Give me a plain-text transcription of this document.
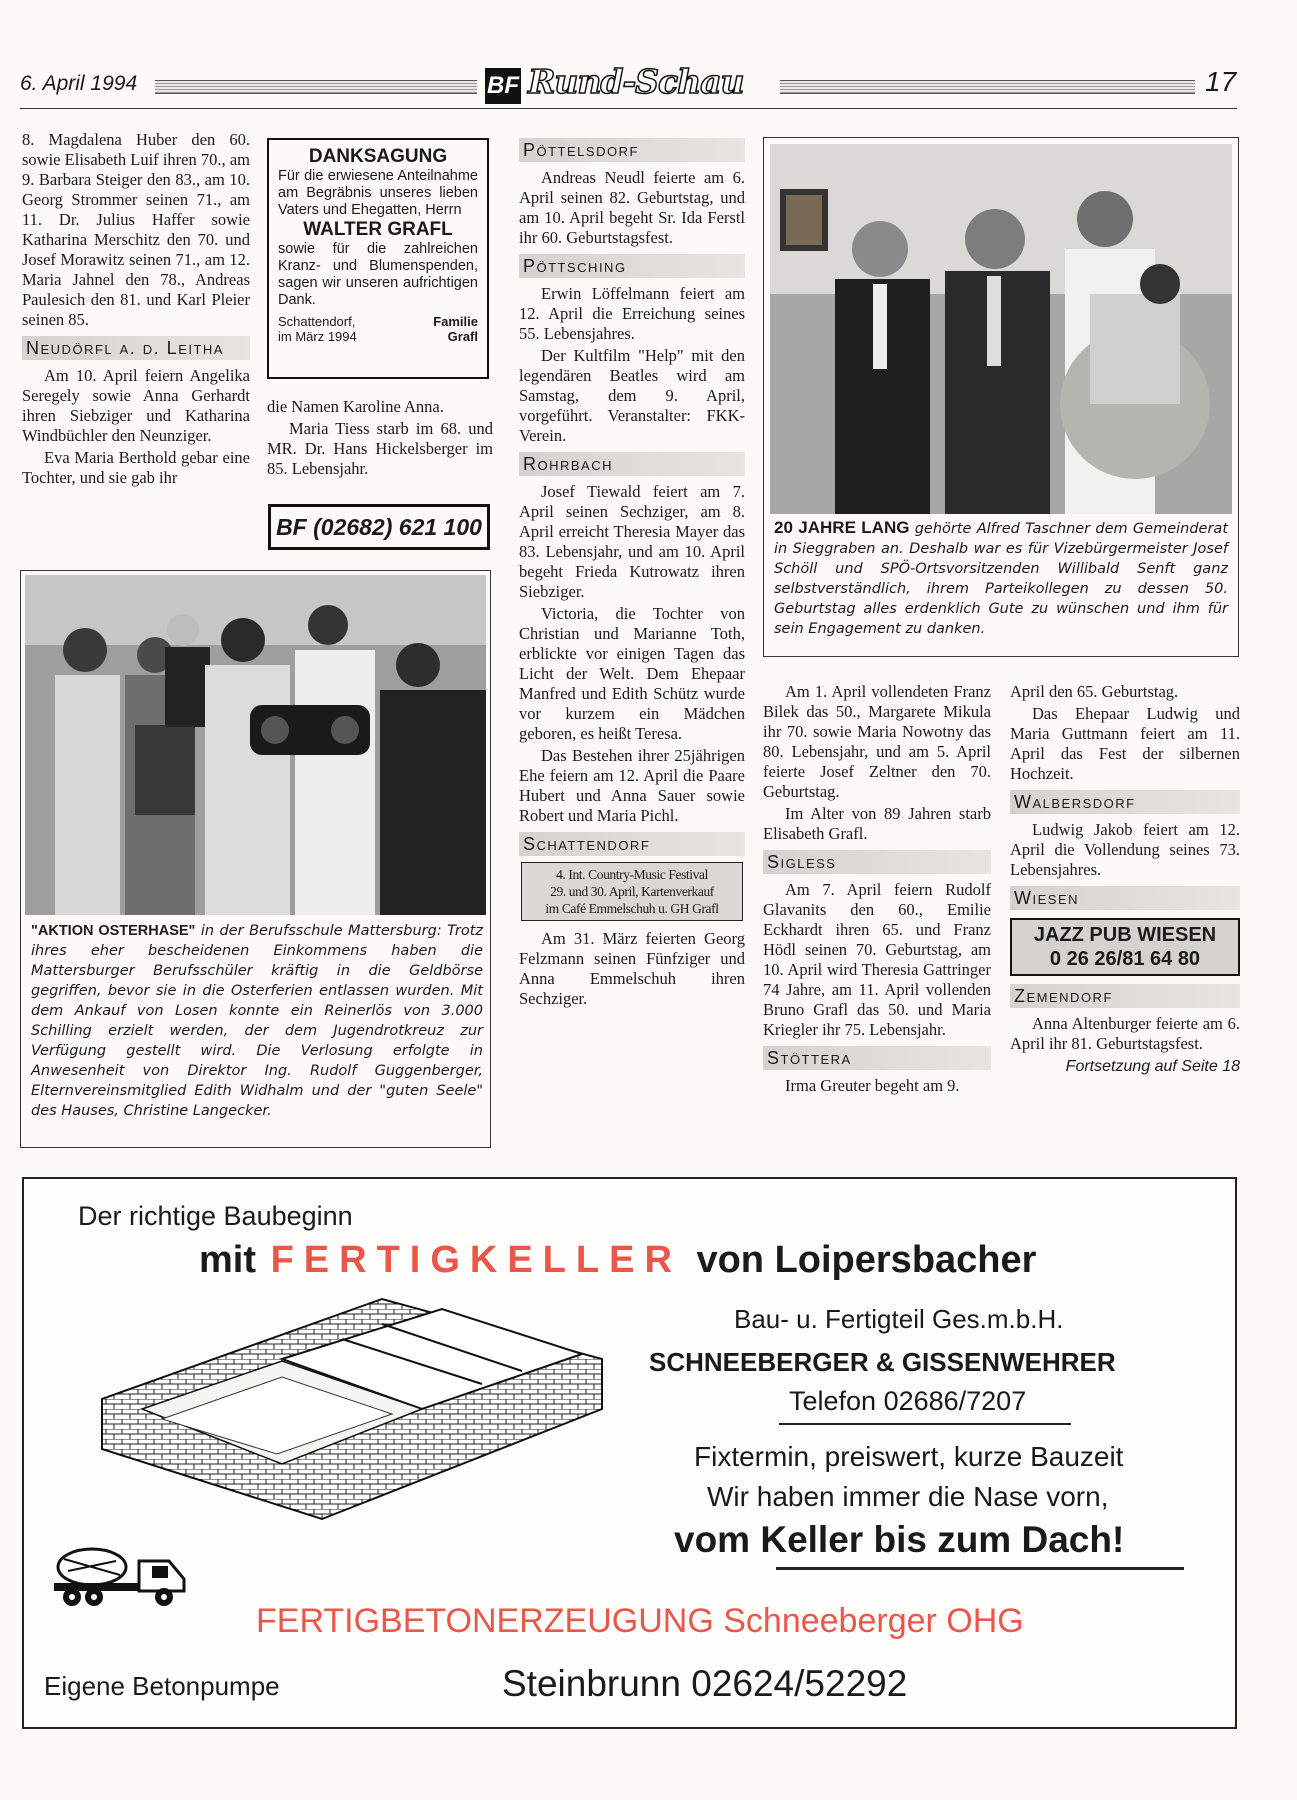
6. April 1994	BF Rund-Schau	17

8. Magdalena Huber den 60. sowie Elisabeth Luif ihren 70., am 9. Barbara Steiger den 83., am 10. Georg Strommer seinen 71., am 11. Dr. Julius Haffer sowie Katharina Merschitz den 70. und Josef Morawitz seinen 71., am 12. Maria Jahnel den 78., Andreas Paulesich den 81. und Karl Pleier seinen 85.

Neudörfl a. d. Leitha

Am 10. April feiern Angelika Seregely sowie Anna Gerhardt ihren Siebziger und Katharina Windbüchler den Neunziger.

Eva Maria Berthold gebar eine Tochter, und sie gab ihr

DANKSAGUNG
Für die erwiesene Anteilnahme am Begräbnis unseres lieben Vaters und Ehegatten, Herrn
WALTER GRAFL
sowie für die zahlreichen Kranz- und Blumenspenden, sagen wir unseren aufrichtigen Dank.
Schattendorf,
im März 1994
Familie
Grafl

die Namen Karoline Anna.

Maria Tiess starb im 68. und MR. Dr. Hans Hickelsberger im 85. Lebensjahr.

BF (02682) 621 100
"AKTION OSTERHASE" in der Berufsschule Mattersburg: Trotz ihres eher bescheidenen Einkommens haben die Mattersburger Berufsschüler kräftig in die Geldbörse gegriffen, bevor sie in die Osterferien entlassen wurden. Mit dem Ankauf von Losen konnte ein Reinerlös von 3.000 Schilling erzielt werden, der dem Jugendrotkreuz zur Verfügung gestellt wird. Die Verlosung erfolgte in Anwesenheit von Direktor Ing. Rudolf Guggenberger, Elternvereinsmitglied Edith Widhalm und der "guten Seele" des Hauses, Christine Langecker.
Pöttelsdorf

Andreas Neudl feierte am 6. April seinen 82. Geburtstag, und am 10. April begeht Sr. Ida Ferstl ihr 60. Geburtstagsfest.

Pöttsching

Erwin Löffelmann feiert am 12. April die Erreichung seines 55. Lebensjahres.

Der Kultfilm "Help" mit den legendären Beatles wird am Samstag, dem 9. April, vorgeführt. Veranstalter: FKK-Verein.

Rohrbach

Josef Tiewald feiert am 7. April seinen Sechziger, am 8. April erreicht Theresia Mayer das 83. Lebensjahr, und am 10. April begeht Frieda Kutrowatz ihren Siebziger.

Victoria, die Tochter von Christian und Marianne Toth, erblickte vor einigen Tagen das Licht der Welt. Dem Ehepaar Manfred und Edith Schütz wurde vor kurzem ein Mädchen geboren, es heißt Teresa.

Das Bestehen ihrer 25jährigen Ehe feiern am 12. April die Paare Hubert und Anna Sauer sowie Robert und Maria Pichl.

Schattendorf
4. Int. Country-Music Festival
29. und 30. April, Kartenverkauf
im Café Emmelschuh u. GH Grafl

Am 31. März feierten Georg Felzmann seinen Fünfziger und Anna Emmelschuh ihren Sechziger.

20 JAHRE LANG gehörte Alfred Taschner dem Gemeinderat in Sieggraben an. Deshalb war es für Vizebürgermeister Josef Schöll und SPÖ-Ortsvorsitzenden Willibald Senft ganz selbstverständlich, ihrem Parteikollegen zu dessen 50. Geburtstag alles erdenklich Gute zu wünschen und ihm für sein Engagement zu danken.

Am 1. April vollendeten Franz Bilek das 50., Margarete Mikula ihr 70. sowie Maria Nowotny das 80. Lebensjahr, und am 5. April feierte Josef Zeltner den 70. Geburtstag.

Im Alter von 89 Jahren starb Elisabeth Grafl.

Sigless

Am 7. April feiern Rudolf Glavanits den 60., Emilie Eckhardt ihren 65. und Franz Hödl seinen 70. Geburtstag, am 10. April wird Theresia Gattringer 74 Jahre, am 11. April vollenden Bruno Grafl das 50. und Maria Kriegler ihr 75. Lebensjahr.

Stöttera

Irma Greuter begeht am 9.

April den 65. Geburtstag.

Das Ehepaar Ludwig und Maria Guttmann feiert am 11. April das Fest der silbernen Hochzeit.

Walbersdorf

Ludwig Jakob feiert am 12. April die Vollendung seines 73. Lebensjahres.

Wiesen
JAZZ PUB WIESEN
0 26 26/81 64 80
Zemendorf

Anna Altenburger feierte am 6. April ihr 81. Geburtstagsfest.

Fortsetzung auf Seite 18
Der richtige Baubeginn
mit FERTIGKELLER von Loipersbacher
Bau- u. Fertigteil Ges.m.b.H.
SCHNEEBERGER & GISSENWEHRER
Telefon 02686/7207
Fixtermin, preiswert, kurze Bauzeit
Wir haben immer die Nase vorn,
vom Keller bis zum Dach!
FERTIGBETONERZEUGUNG Schneeberger OHG
Eigene Betonpumpe	Steinbrunn 02624/52292
